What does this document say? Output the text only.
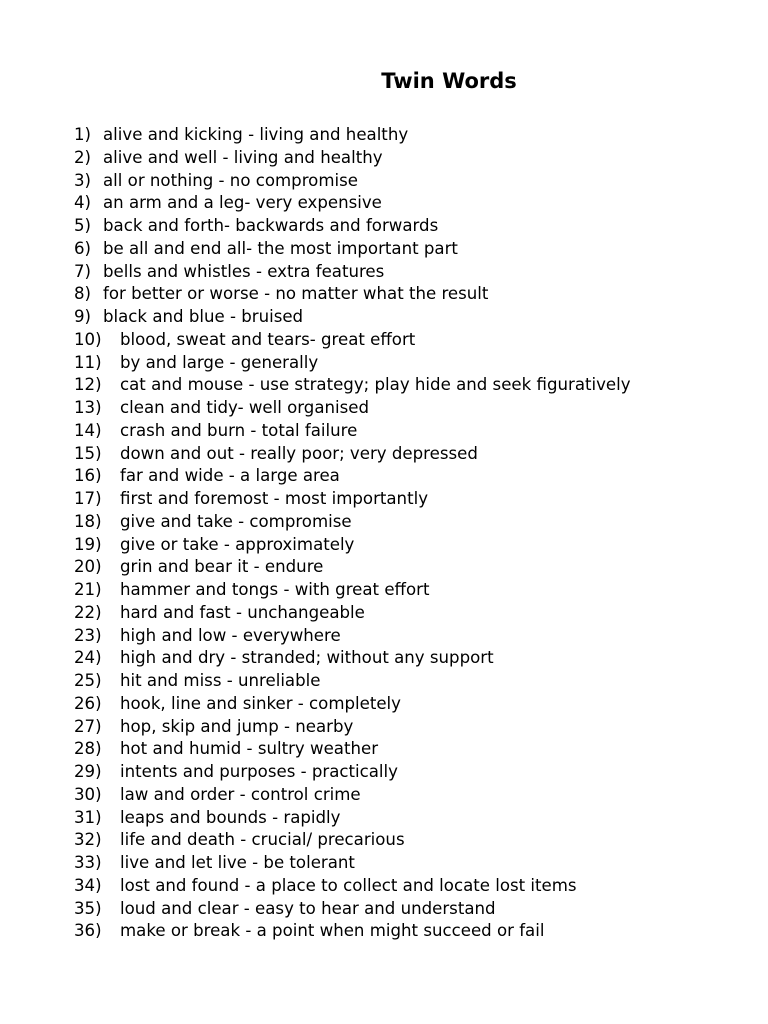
Twin Words
1) alive and kicking - living and healthy
2) alive and well - living and healthy
3) all or nothing - no compromise
4) an arm and a leg- very expensive
5) back and forth- backwards and forwards
6) be all and end all- the most important part
7) bells and whistles - extra features
8) for better or worse - no matter what the result
9) black and blue - bruised
10) blood, sweat and tears- great effort
11) by and large - generally
12) cat and mouse - use strategy; play hide and seek figuratively
13) clean and tidy- well organised
14) crash and burn - total failure
15) down and out - really poor; very depressed
16) far and wide - a large area
17) first and foremost - most importantly
18) give and take - compromise
19) give or take - approximately
20) grin and bear it - endure
21) hammer and tongs - with great effort
22) hard and fast - unchangeable
23) high and low - everywhere
24) high and dry - stranded; without any support
25) hit and miss - unreliable
26) hook, line and sinker - completely
27) hop, skip and jump - nearby
28) hot and humid - sultry weather
29) intents and purposes - practically
30) law and order - control crime
31) leaps and bounds - rapidly
32) life and death - crucial/ precarious
33) live and let live - be tolerant
34) lost and found - a place to collect and locate lost items
35) loud and clear - easy to hear and understand
36) make or break - a point when might succeed or fail
